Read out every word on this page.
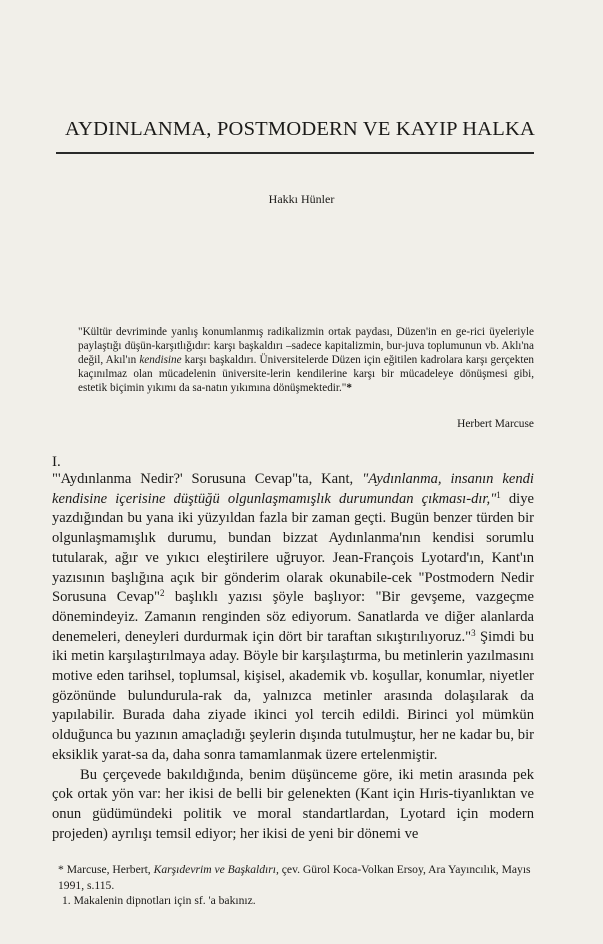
AYDINLANMA, POSTMODERN VE KAYIP HALKA
Hakkı Hünler

"Kültür devriminde yanlış konumlanmış radikalizmin ortak paydası, Düzen'in en ge-rici üyeleriyle paylaştığı düşün-karşıtlığıdır: karşı başkaldırı –sadece kapitalizmin, bur-juva toplumunun vb. Aklı'na değil, Akıl'ın kendisine karşı başkaldırı. Üniversitelerde Düzen için eğitilen kadrolara karşı gerçekten kaçınılmaz olan mücadelenin üniversite-lerin kendilerine karşı bir mücadeleye dönüşmesi gibi, estetik biçimin yıkımı da sa-natın yıkımına dönüşmektedir."*

Herbert Marcuse
I.

"'Aydınlanma Nedir?' Sorusuna Cevap"ta, Kant, "Aydınlanma, insanın kendi kendisine içerisine düştüğü olgunlaşmamışlık durumundan çıkması-dır,"$^1$ diye yazdığından bu yana iki yüzyıldan fazla bir zaman geçti. Bugün benzer türden bir olgunlaşmamışlık durumu, bundan bizzat Aydınlanma'nın kendisi sorumlu tutularak, ağır ve yıkıcı eleştirilere uğruyor. Jean-François Lyotard'ın, Kant'ın yazısının başlığına açık bir gönderim olarak okunabile-cek "Postmodern Nedir Sorusuna Cevap"$^2$ başlıklı yazısı şöyle başlıyor: "Bir gevşeme, vazgeçme dönemindeyiz. Zamanın renginden söz ediyorum. Sanatlarda ve diğer alanlarda denemeleri, deneyleri durdurmak için dört bir taraftan sıkıştırılıyoruz."$^3$ Şimdi bu iki metin karşılaştırılmaya aday. Böyle bir karşılaştırma, bu metinlerin yazılmasını motive eden tarihsel, toplumsal, kişisel, akademik vb. koşullar, konumlar, niyetler gözönünde bulundurula-rak da, yalnızca metinler arasında dolaşılarak da yapılabilir. Burada daha ziyade ikinci yol tercih edildi. Birinci yol mümkün olduğunca bu yazının amaçladığı şeylerin dışında tutulmuştur, her ne kadar bu, bir eksiklik yarat-sa da, daha sonra tamamlanmak üzere ertelenmiştir.

Bu çerçevede bakıldığında, benim düşünceme göre, iki metin arasında pek çok ortak yön var: her ikisi de belli bir gelenekten (Kant için Hıris-tiyanlıktan ve onun güdümündeki politik ve moral standartlardan, Lyotard için modern projeden) ayrılışı temsil ediyor; her ikisi de yeni bir dönemi ve

* Marcuse, Herbert, Karşıdevrim ve Başkaldırı, çev. Gürol Koca-Volkan Ersoy, Ara Yayıncılık, Mayıs 1991, s.115.

1. Makalenin dipnotları için sf. 'a bakınız.
